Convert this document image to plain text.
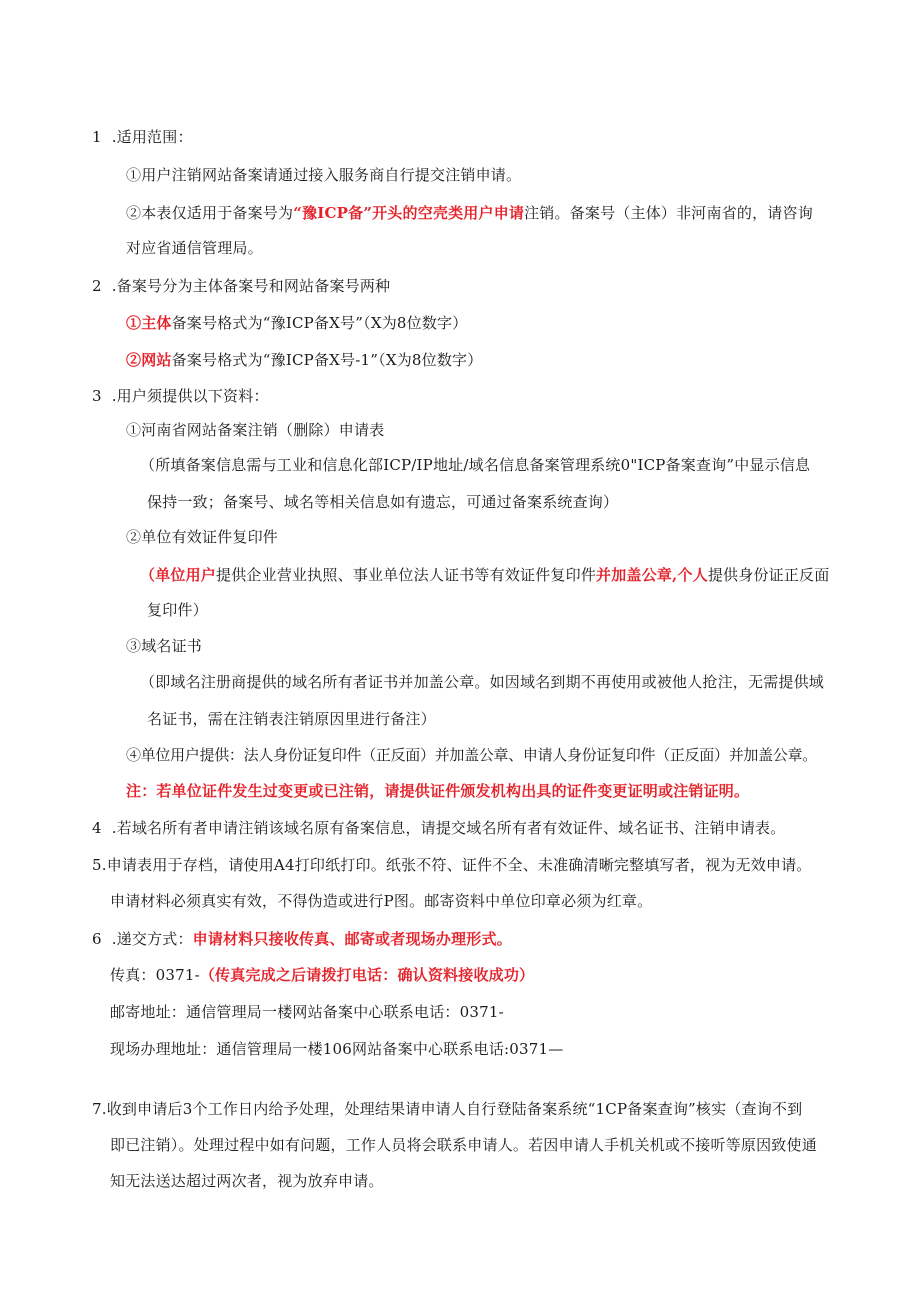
1 .适用范围：
①用户注销网站备案请通过接入服务商自行提交注销申请。
②本表仅适用于备案号为“豫ICP备”开头的空壳类用户申请注销。备案号（主体）非河南省的，请咨询
对应省通信管理局。
2 .备案号分为主体备案号和网站备案号两种
①主体备案号格式为“豫ICP备X号”（X为8位数字）
②网站备案号格式为“豫ICP备X号-1”（X为8位数字）
3 .用户须提供以下资料：
①河南省网站备案注销（删除）申请表
（所填备案信息需与工业和信息化部ICP/IP地址/域名信息备案管理系统0"ICP备案查询”中显示信息
保持一致；备案号、域名等相关信息如有遗忘，可通过备案系统查询）
②单位有效证件复印件
（单位用户提供企业营业执照、事业单位法人证书等有效证件复印件并加盖公章,个人提供身份证正反面
复印件）
③域名证书
（即域名注册商提供的域名所有者证书并加盖公章。如因域名到期不再使用或被他人抢注，无需提供域
名证书，需在注销表注销原因里进行备注）
④单位用户提供：法人身份证复印件（正反面）并加盖公章、申请人身份证复印件（正反面）并加盖公章。
注：若单位证件发生过变更或已注销，请提供证件颁发机构出具的证件变更证明或注销证明。
4 .若域名所有者申请注销该域名原有备案信息，请提交域名所有者有效证件、域名证书、注销申请表。
5.申请表用于存档，请使用A4打印纸打印。纸张不符、证件不全、未准确清晰完整填写者，视为无效申请。
申请材料必须真实有效，不得伪造或进行P图。邮寄资料中单位印章必须为红章。
6 .递交方式：申请材料只接收传真、邮寄或者现场办理形式。
传真：0371-（传真完成之后请拨打电话：确认资料接收成功）
邮寄地址：通信管理局一楼网站备案中心联系电话：0371-
现场办理地址：通信管理局一楼106网站备案中心联系电话:0371—
7.收到申请后3个工作日内给予处理，处理结果请申请人自行登陆备案系统“1CP备案查询”核实（查询不到
即已注销）。处理过程中如有问题，工作人员将会联系申请人。若因申请人手机关机或不接听等原因致使通
知无法送达超过两次者，视为放弃申请。
